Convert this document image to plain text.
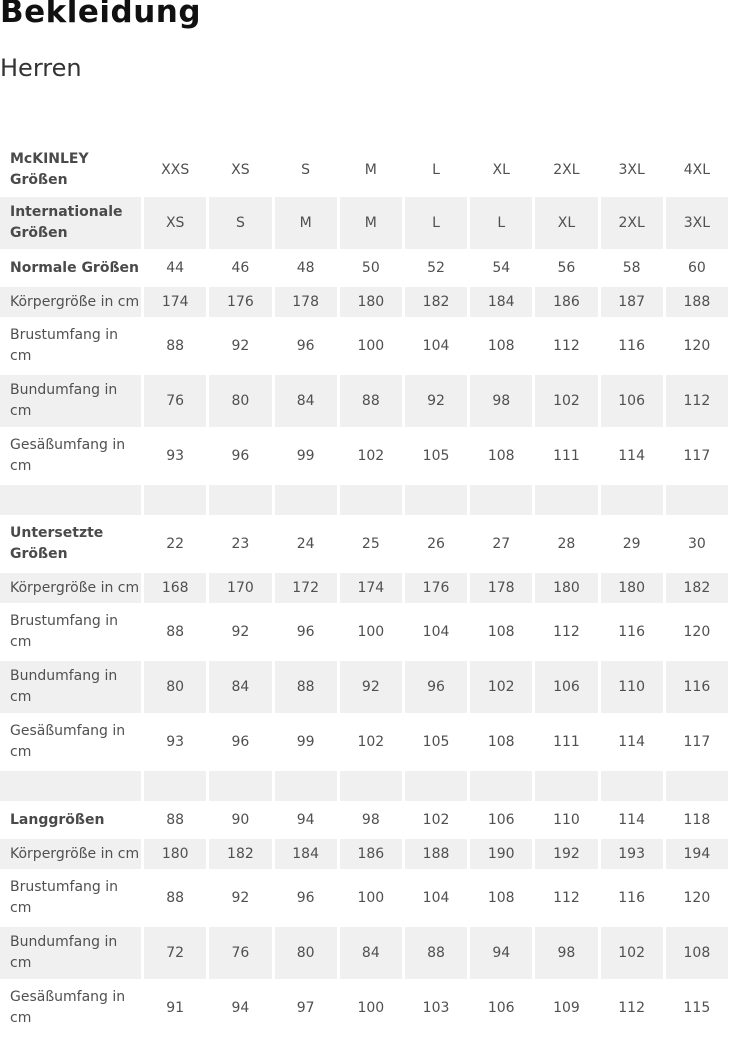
Bekleidung
Herren
McKINLEY Größen	XXS	XS	S	M	L	XL	2XL	3XL	4XL
Internationale Größen	XS	S	M	M	L	L	XL	2XL	3XL
Normale Größen	44	46	48	50	52	54	56	58	60
Körpergröße in cm	174	176	178	180	182	184	186	187	188
Brustumfang in cm	88	92	96	100	104	108	112	116	120
Bundumfang in cm	76	80	84	88	92	98	102	106	112
Gesäßumfang in cm	93	96	99	102	105	108	111	114	117

Untersetzte Größen	22	23	24	25	26	27	28	29	30
Körpergröße in cm	168	170	172	174	176	178	180	180	182
Brustumfang in cm	88	92	96	100	104	108	112	116	120
Bundumfang in cm	80	84	88	92	96	102	106	110	116
Gesäßumfang in cm	93	96	99	102	105	108	111	114	117

Langgrößen	88	90	94	98	102	106	110	114	118
Körpergröße in cm	180	182	184	186	188	190	192	193	194
Brustumfang in cm	88	92	96	100	104	108	112	116	120
Bundumfang in cm	72	76	80	84	88	94	98	102	108
Gesäßumfang in cm	91	94	97	100	103	106	109	112	115
